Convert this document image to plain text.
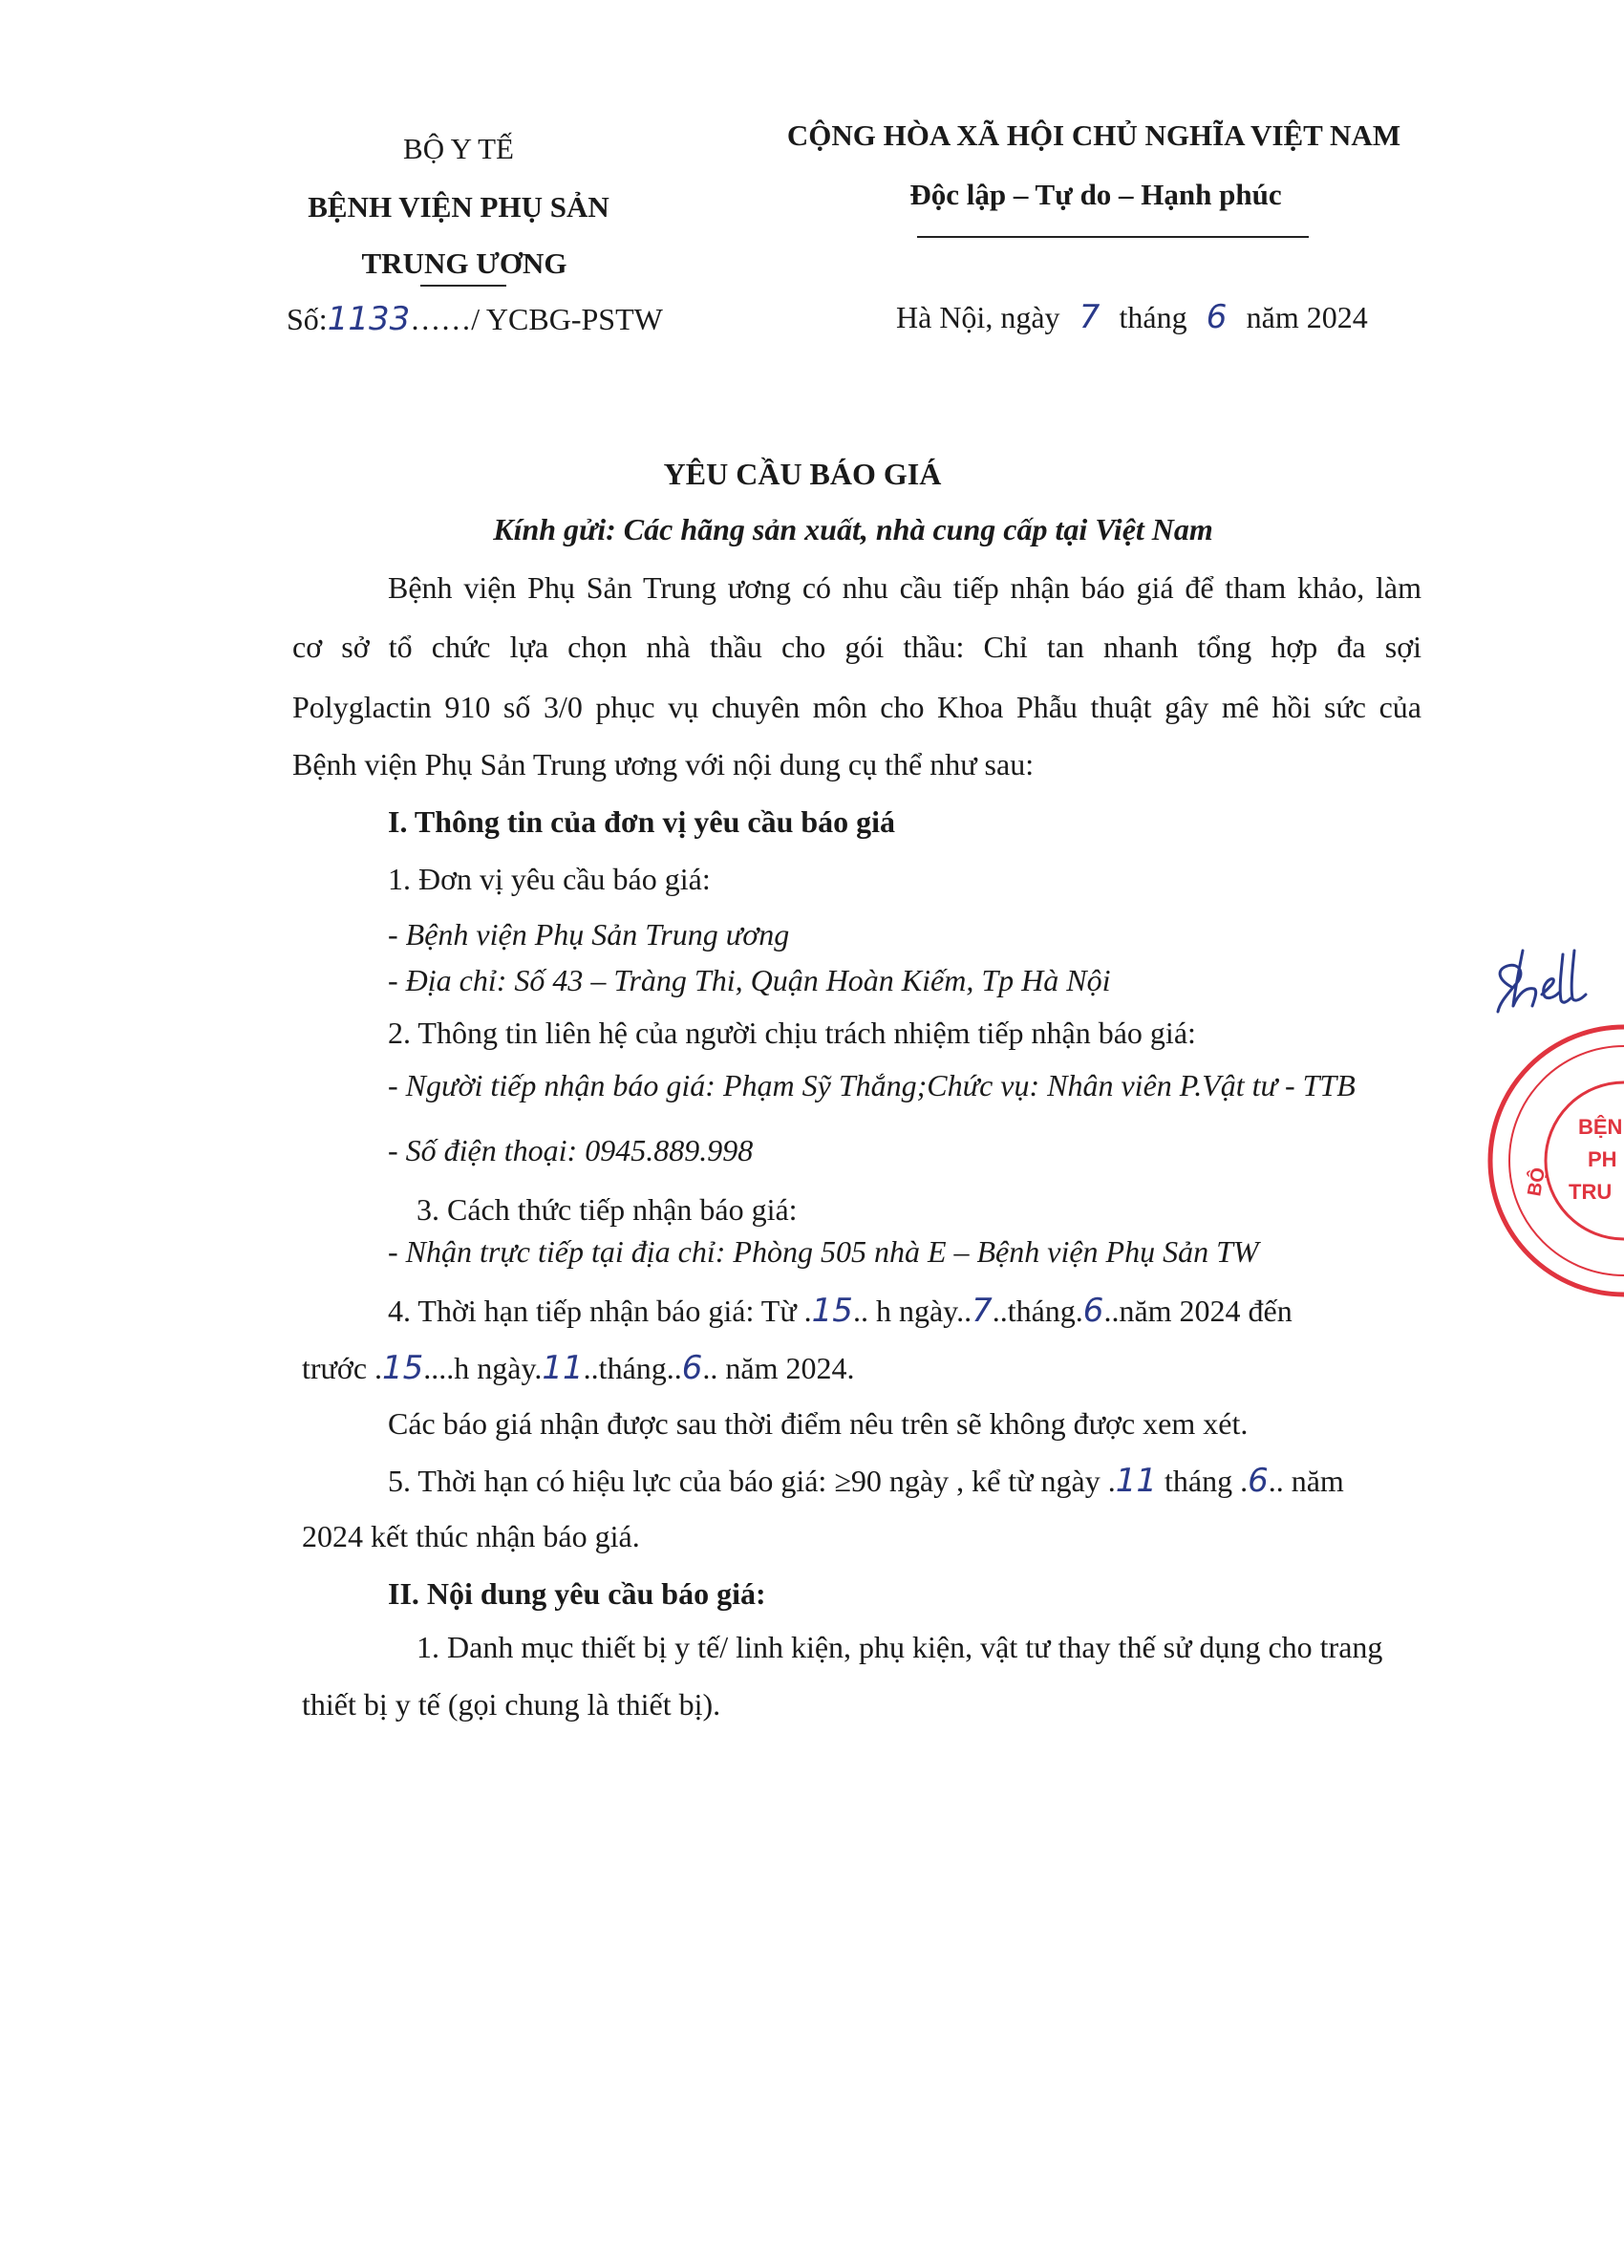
BỘ Y TẾ
BỆNH VIỆN PHỤ SẢN
TRUNG ƯƠNG
Số:1133……/ YCBG-PSTW
CỘNG HÒA XÃ HỘI CHỦ NGHĨA VIỆT NAM
Độc lập – Tự do – Hạnh phúc
Hà Nội, ngày 7 tháng 6 năm 2024
YÊU CẦU BÁO GIÁ
Kính gửi: Các hãng sản xuất, nhà cung cấp tại Việt Nam
Bệnh viện Phụ Sản Trung ương có nhu cầu tiếp nhận báo giá để tham khảo, làm
cơ sở tổ chức lựa chọn nhà thầu cho gói thầu: Chỉ tan nhanh tổng hợp đa sợi
Polyglactin 910 số 3/0 phục vụ chuyên môn cho Khoa Phẫu thuật gây mê hồi sức của
Bệnh viện Phụ Sản Trung ương với nội dung cụ thể như sau:
I. Thông tin của đơn vị yêu cầu báo giá
1. Đơn vị yêu cầu báo giá:
- Bệnh viện Phụ Sản Trung ương
- Địa chỉ: Số 43 – Tràng Thi, Quận Hoàn Kiếm, Tp Hà Nội
2. Thông tin liên hệ của người chịu trách nhiệm tiếp nhận báo giá:
- Người tiếp nhận báo giá: Phạm Sỹ Thắng;Chức vụ: Nhân viên P.Vật tư - TTB
- Số điện thoại: 0945.889.998
3. Cách thức tiếp nhận báo giá:
- Nhận trực tiếp tại địa chỉ: Phòng 505 nhà E – Bệnh viện Phụ Sản TW
4. Thời hạn tiếp nhận báo giá: Từ .15.. h ngày..7..tháng.6..năm 2024 đến
trước .15....h ngày.11..tháng..6.. năm 2024.
Các báo giá nhận được sau thời điểm nêu trên sẽ không được xem xét.
5. Thời hạn có hiệu lực của báo giá: ≥90 ngày , kể từ ngày .11 tháng .6.. năm
2024 kết thúc nhận báo giá.
II. Nội dung yêu cầu báo giá:
1. Danh mục thiết bị y tế/ linh kiện, phụ kiện, vật tư thay thế sử dụng cho trang
thiết bị y tế (gọi chung là thiết bị).
BỘ
BỆN
PH
TRU
